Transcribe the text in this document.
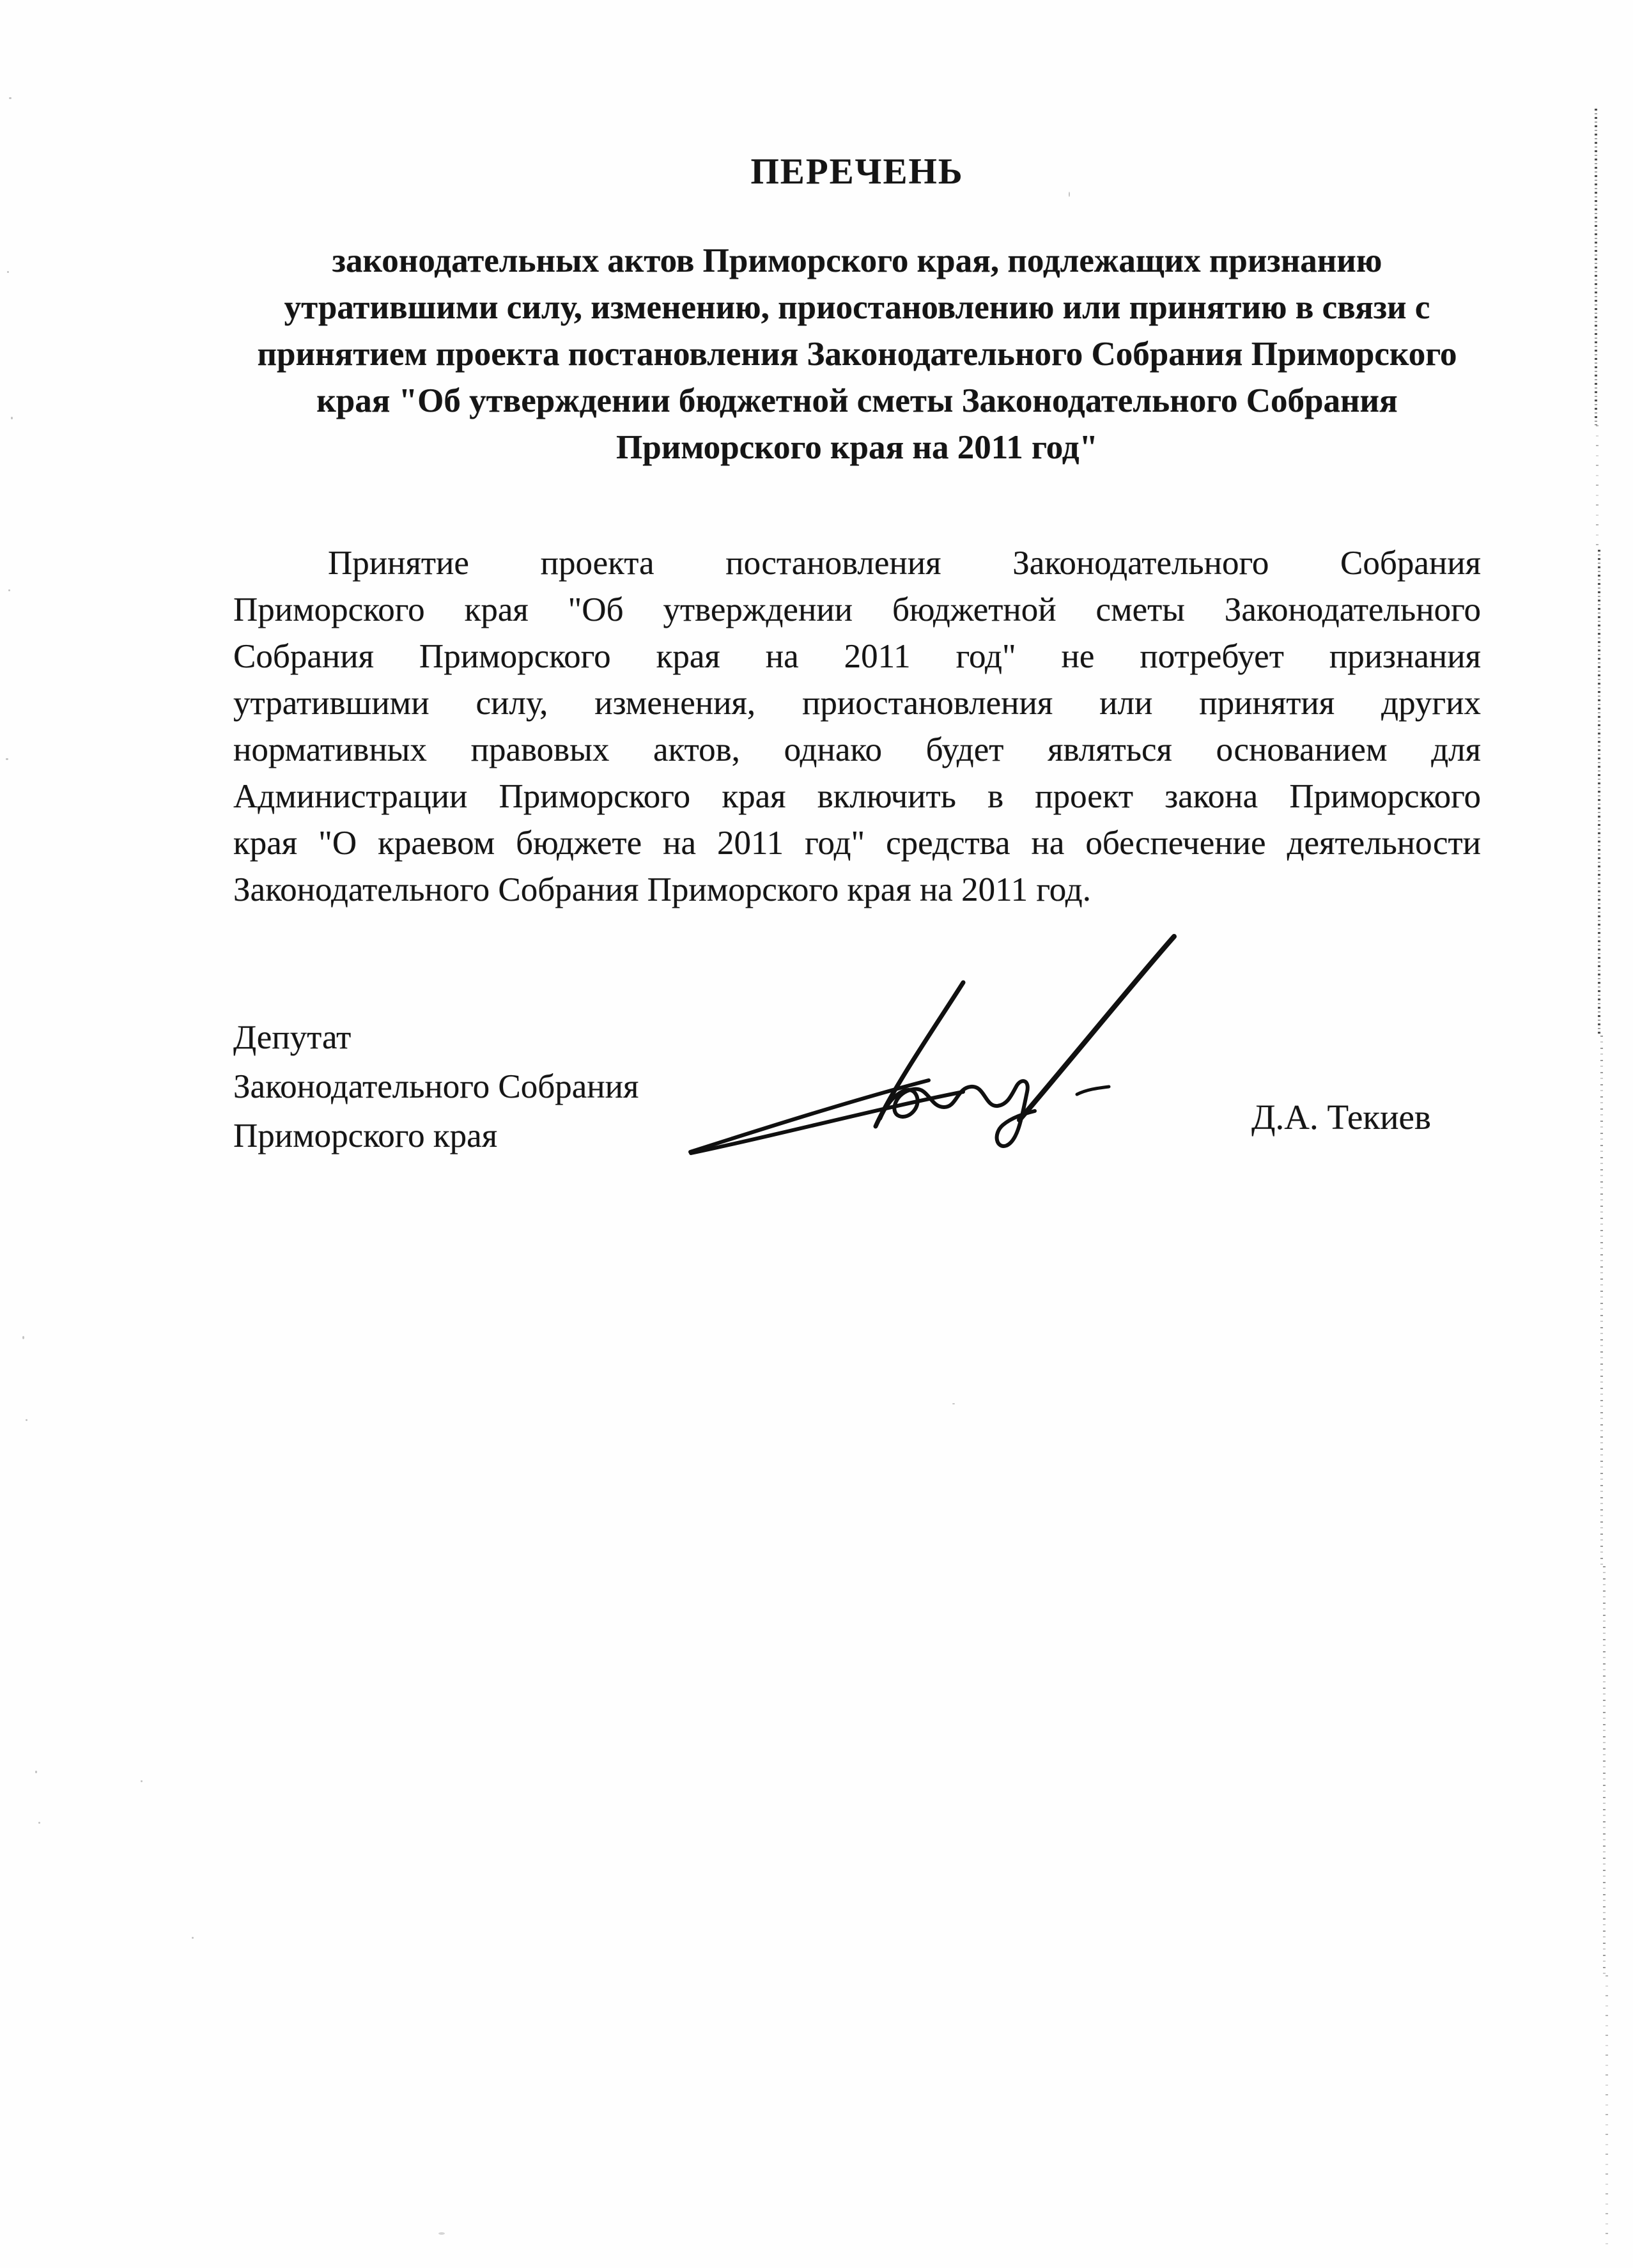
ПЕРЕЧЕНЬ
законодательных актов Приморского края, подлежащих признанию
утратившими силу, изменению, приостановлению или принятию в связи с
принятием проекта постановления Законодательного Собрания Приморского
края "Об утверждении бюджетной сметы Законодательного Собрания
Приморского края на 2011 год"
Принятие проекта постановления Законодательного Собрания
Приморского края "Об утверждении бюджетной сметы Законодательного
Собрания Приморского края на 2011 год" не потребует признания
утратившими силу, изменения, приостановления или принятия других
нормативных правовых актов, однако будет являться основанием для
Администрации Приморского края включить в проект закона Приморского
края "О краевом бюджете на 2011 год" средства на обеспечение деятельности
Законодательного Собрания Приморского края на 2011 год.
Депутат
Законодательного Собрания
Приморского края	Д.А. Текиев
